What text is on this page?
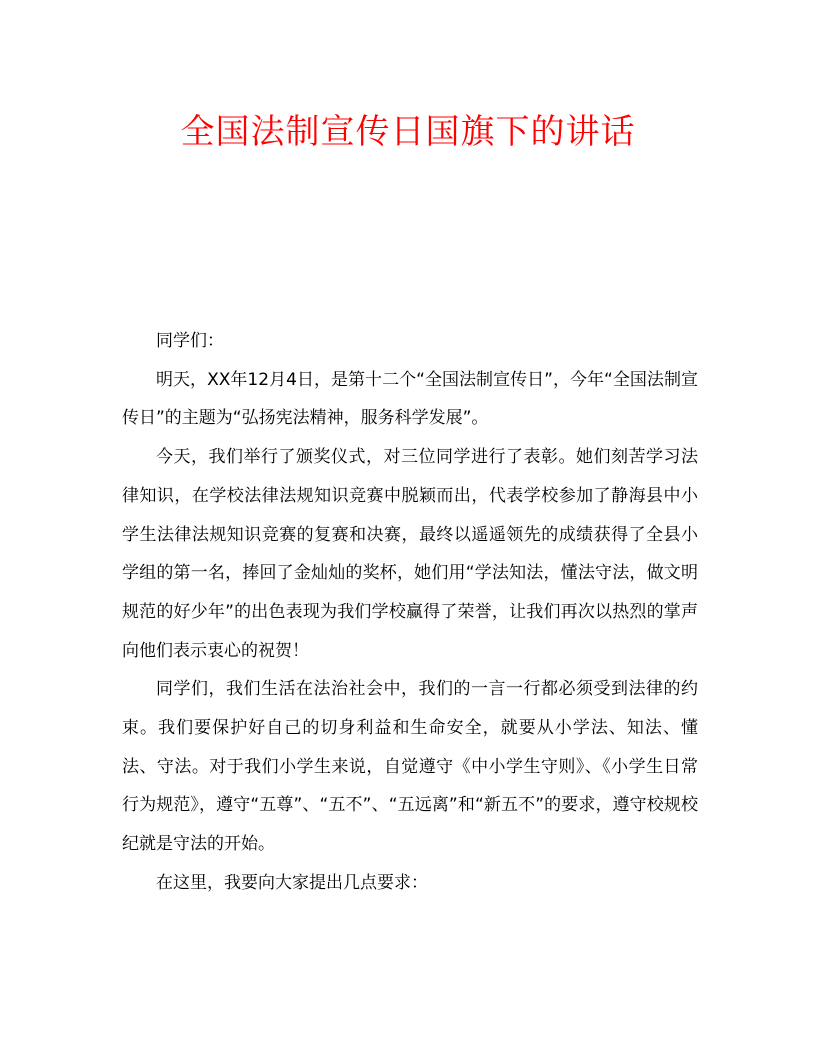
全国法制宣传日国旗下的讲话

同学们：

明天，XX年12月4日，是第十二个“全国法制宣传日”，今年“全国法制宣传日”的主题为“弘扬宪法精神，服务科学发展”。

今天，我们举行了颁奖仪式，对三位同学进行了表彰。她们刻苦学习法律知识，在学校法律法规知识竞赛中脱颖而出，代表学校参加了静海县中小学生法律法规知识竞赛的复赛和决赛，最终以遥遥领先的成绩获得了全县小学组的第一名，捧回了金灿灿的奖杯，她们用“学法知法，懂法守法，做文明规范的好少年”的出色表现为我们学校赢得了荣誉，让我们再次以热烈的掌声向他们表示衷心的祝贺！

同学们，我们生活在法治社会中，我们的一言一行都必须受到法律的约束。我们要保护好自己的切身利益和生命安全，就要从小学法、知法、懂法、守法。对于我们小学生来说，自觉遵守《中小学生守则》、《小学生日常行为规范》，遵守“五尊”、“五不”、“五远离”和“新五不”的要求，遵守校规校纪就是守法的开始。

在这里，我要向大家提出几点要求：
